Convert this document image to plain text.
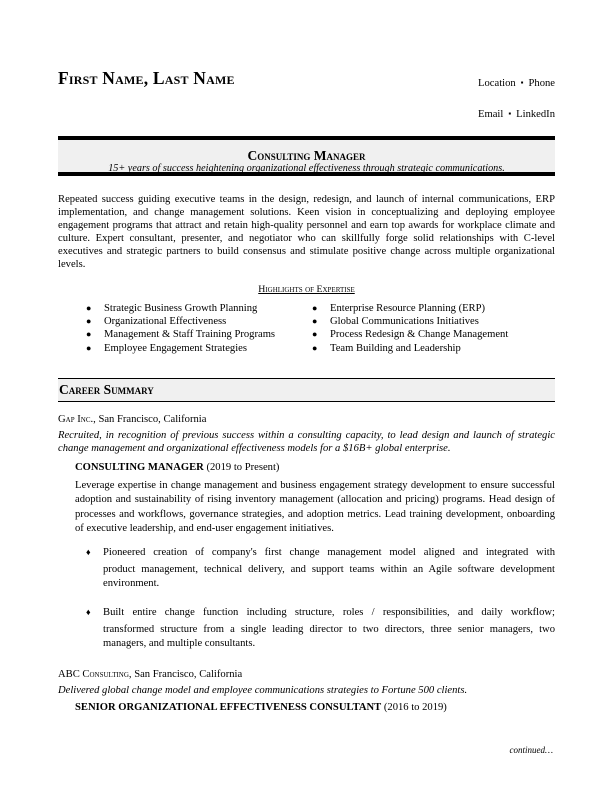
First Name, Last Name	Location ▪ Phone
Email ▪ LinkedIn
Consulting Manager
15+ years of success heightening organizational effectiveness through strategic communications.
Repeated success guiding executive teams in the design, redesign, and launch of internal communications, ERP implementation, and change management solutions. Keen vision in conceptualizing and deploying employee engagement programs that attract and retain high-quality personnel and earn top awards for workplace climate and culture. Expert consultant, presenter, and negotiator who can skillfully forge solid relationships with C-level executives and strategic partners to build consensus and stimulate positive change across multiple organizational levels.
Highlights of Expertise
● Strategic Business Growth Planning
● Organizational Effectiveness
● Management & Staff Training Programs
● Employee Engagement Strategies
● Enterprise Resource Planning (ERP)
● Global Communications Initiatives
● Process Redesign & Change Management
● Team Building and Leadership
Career Summary
Gap Inc., San Francisco, California
Recruited, in recognition of previous success within a consulting capacity, to lead design and launch of strategic change management and organizational effectiveness models for a $16B+ global enterprise.
CONSULTING MANAGER (2019 to Present)
Leverage expertise in change management and business engagement strategy development to ensure successful adoption and sustainability of rising inventory management (allocation and pricing) programs. Head design of processes and workflows, governance strategies, and adoption metrics. Lead training development, onboarding of executive leadership, and end-user engagement initiatives.
♦ Pioneered creation of company's first change management model aligned and integrated with
product management, technical delivery, and support teams within an Agile software development environment.
♦ Built entire change function including structure, roles / responsibilities, and daily workflow;
transformed structure from a single leading director to two directors, three senior managers, two managers, and multiple consultants.
ABC Consulting, San Francisco, California
Delivered global change model and employee communications strategies to Fortune 500 clients.
SENIOR ORGANIZATIONAL EFFECTIVENESS CONSULTANT (2016 to 2019)
continued…
